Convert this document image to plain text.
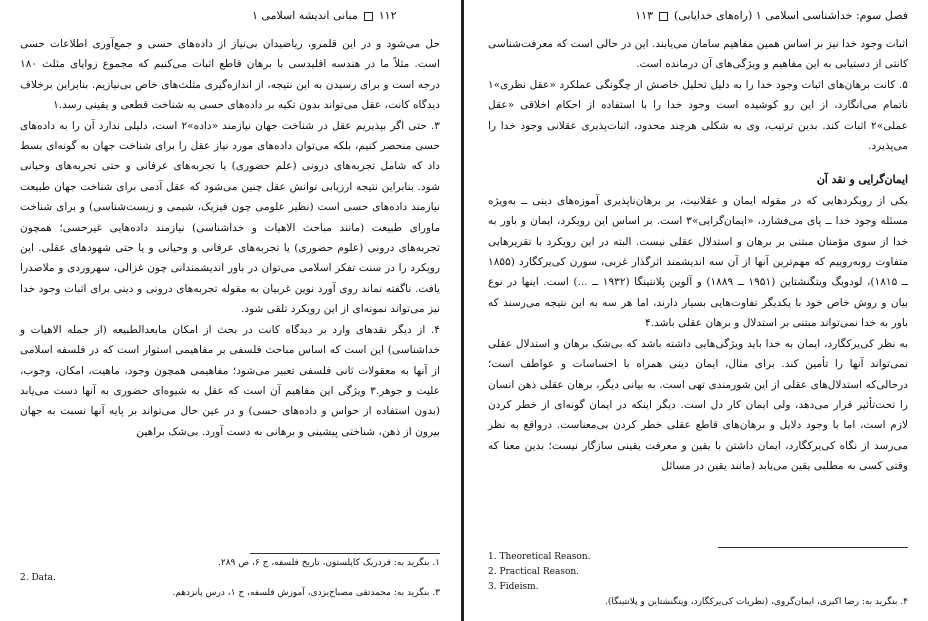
۱۱۲مبانی اندیشه اسلامی ۱

حل می‌شود و در این قلمرو، ریاضیدان بی‌نیاز از داده‌های حسی و جمع‌آوری اطلاعات حسی است. مثلاً ما در هندسه اقلیدسی با برهان قاطع اثبات می‌کنیم که مجموع زوایای مثلث ۱۸۰ درجه است و برای رسیدن به این نتیجه، از اندازه‌گیری مثلث‌های خاص بی‌نیازیم. بنابراین برخلاف دیدگاه کانت، عقل می‌تواند بدون تکیه بر داده‌های حسی به شناخت قطعی و یقینی رسد.۱

۳. حتی اگر بپذیریم عقل در شناخت جهان نیازمند «داده»۲ است، دلیلی ندارد آن را به داده‌های حسی منحصر کنیم، بلکه می‌توان داده‌های مورد نیاز عقل را برای شناخت جهان به گونه‌ای بسط داد که شامل تجربه‌های درونی (علم حضوری) یا تجربه‌های عرفانی و حتی تجربه‌های وحیانی شود. بنابراین نتیجه ارزیابی توانش عقل چنین می‌شود که عقل آدمی برای شناخت جهان طبیعت نیازمند داده‌های حسی است (نظیر علومی چون فیزیک، شیمی و زیست‌شناسی) و برای شناخت ماورای طبیعت (مانند مباحث الاهیات و خداشناسی) نیازمند داده‌هایی غیرحسی؛ همچون تجربه‌های درونی (علوم حضوری) یا تجربه‌های عرفانی و وحیانی و یا حتی شهودهای عقلی. این رویکرد را در سنت تفکر اسلامی می‌توان در باور اندیشمندانی چون غزالی، سهروردی و ملاصدرا یافت. ناگفته نماند روی آورد نوین غربیان به مقوله تجربه‌های درونی و دینی برای اثبات وجود خدا نیز می‌تواند نمونه‌ای از این رویکرد تلقی شود.

۴. از دیگر نقدهای وارد بر دیدگاه کانت در بحث از امکان مابعدالطبیعه (از جمله الاهیات و خداشناسی) این است که اساس مباحث فلسفی بر مفاهیمی استوار است که در فلسفه اسلامی از آنها به معقولات ثانی فلسفی تعبیر می‌شود؛ مفاهیمی همچون وجود، ماهیت، امکان، وجوب، علیت و جوهر.۳ ویژگی این مفاهیم آن است که عقل به شیوه‌ای حضوری به آنها دست می‌یابد (بدون استفاده از حواس و داده‌های حسی) و در عین حال می‌تواند بر پایه آنها نسبت به جهان بیرون از ذهن، شناختی پیشینی و برهانی به دست آورد. بی‌شک براهین

۱. بنگرید به: فردریک کاپلستون، تاریخ فلسفه، ج ۶، ص ۲۸۹.

2. Data.

۳. بنگرید به: محمدتقی مصباح‌یزدی، آموزش فلسفه، ج ۱، درس پانزدهم.

فصل سوم: خداشناسی اسلامی ۱ (راه‌های خدایابی)۱۱۳

اثبات وجود خدا نیز بر اساس همین مفاهیم سامان می‌یابند. این در حالی است که معرفت‌شناسی کانتی از دستیابی به این مفاهیم و ویژگی‌های آن درمانده است.

۵. کانت برهان‌های اثبات وجود خدا را به دلیل تحلیل خاصش از چگونگی عملکرد «عقل نظری»۱ ناتمام می‌انگارد، از این رو کوشیده است وجود خدا را با استفاده از احکام اخلاقی «عقل عملی»۲ اثبات کند. بدین ترتیب، وی به شکلی هرچند محدود، اثبات‌پذیری عقلانی وجود خدا را می‌پذیرد.

ایمان‌گرایی و نقد آن

یکی از رویکردهایی که در مقوله ایمان و عقلانیت، بر برهان‌ناپذیری آموزه‌های دینی ــ به‌ویژه مسئله وجود خدا ــ پای می‌فشارد، «ایمان‌گرایی»۳ است. بر اساس این رویکرد، ایمان و باور به خدا از سوی مؤمنان مبتنی بر برهان و استدلال عقلی نیست. البته در این رویکرد با تقریرهایی متفاوت روبه‌روییم که مهم‌ترین آنها از آن سه اندیشمند اثرگذار غربی، سورن کی‌یرکگارد (۱۸۵۵ ــ ۱۸۱۵)، لودویگ ویتگنشتاین (۱۹۵۱ ــ ۱۸۸۹) و آلوین پلانتینگا (۱۹۳۲ ــ ...) است. اینها در نوع بیان و روش خاص خود با یکدیگر تفاوت‌هایی بسیار دارند، اما هر سه به این نتیجه می‌رسند که باور به خدا نمی‌تواند مبتنی بر استدلال و برهان عقلی باشد.۴

به نظر کی‌یرکگارد، ایمان به خدا باید ویژگی‌هایی داشته باشد که بی‌شک برهان و استدلال عقلی نمی‌تواند آنها را تأمین کند. برای مثال، ایمان دینی همراه با احساسات و عواطف است؛ درحالی‌که استدلال‌های عقلی از این شورمندی تهی است. به بیانی دیگر، برهان عقلی ذهن انسان را تحت‌تأثیر قرار می‌دهد، ولی ایمان کار دل است. دیگر اینکه در ایمان گونه‌ای از خطر کردن لازم است، اما با وجود دلایل و برهان‌های قاطع عقلی خطر کردن بی‌معناست. درواقع به نظر می‌رسد از نگاه کی‌یرکگارد، ایمان داشتن با یقین و معرفت یقینی سازگار نیست؛ بدین معنا که وقتی کسی به مطلبی یقین می‌یابد (مانند یقین در مسائل

1. Theoretical Reason.

2. Practical Reason.

3. Fideism.

۴. بنگرید به: رضا اکبری، ایمان‌گروی، (نظریات کی‌یرکگارد، ویتگنشتاین و پلانتینگا).
